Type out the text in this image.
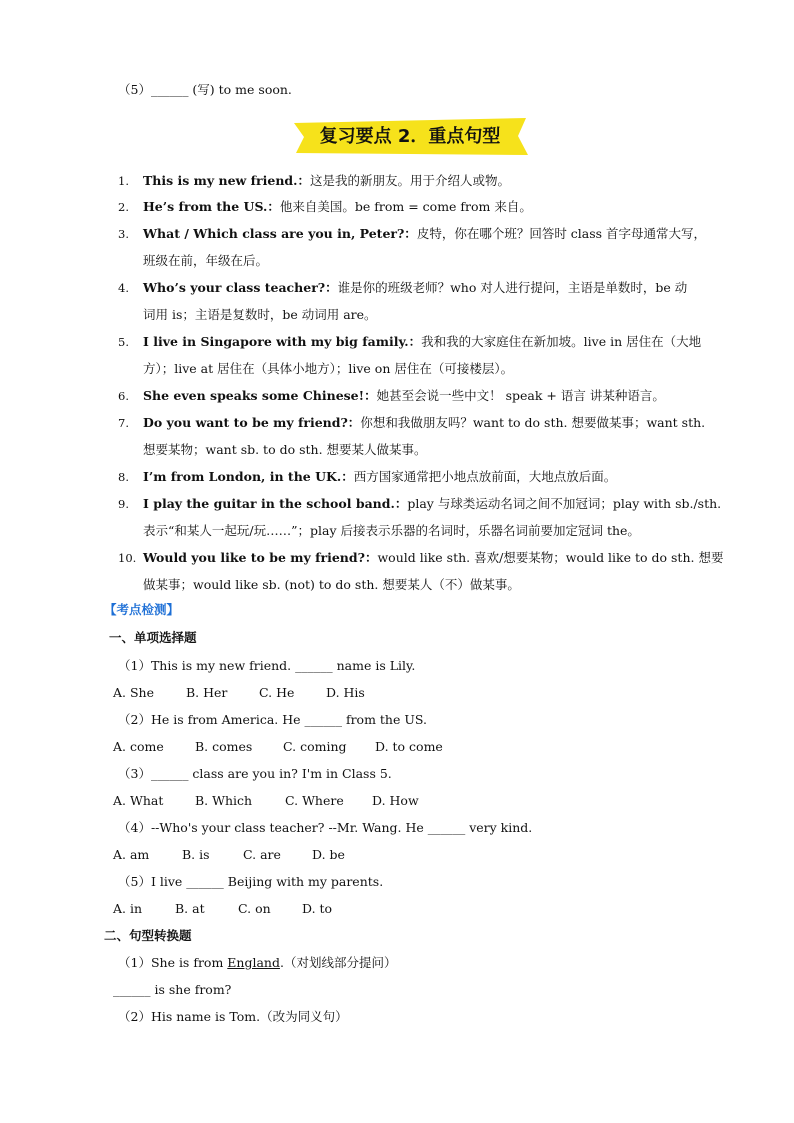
（5）______ (写) to me soon.
复习要点 2．重点句型
1. This is my new friend.：这是我的新朋友。用于介绍人或物。
2. He’s from the US.：他来自美国。be from = come from 来自。
3. What / Which class are you in, Peter?：皮特，你在哪个班？回答时 class 首字母通常大写，
班级在前，年级在后。
4. Who’s your class teacher?：谁是你的班级老师？who 对人进行提问，主语是单数时，be 动
词用 is；主语是复数时，be 动词用 are。
5. I live in Singapore with my big family.：我和我的大家庭住在新加坡。live in 居住在（大地
方）；live at 居住在（具体小地方）；live on 居住在（可接楼层）。
6. She even speaks some Chinese!：她甚至会说一些中文！ speak + 语言 讲某种语言。
7. Do you want to be my friend?：你想和我做朋友吗？want to do sth. 想要做某事；want sth.
想要某物；want sb. to do sth. 想要某人做某事。
8. I’m from London, in the UK.：西方国家通常把小地点放前面，大地点放后面。
9. I play the guitar in the school band.：play 与球类运动名词之间不加冠词；play with sb./sth.
表示“和某人一起玩/玩……”；play 后接表示乐器的名词时，乐器名词前要加定冠词 the。
10. Would you like to be my friend?：would like sth. 喜欢/想要某物；would like to do sth. 想要
做某事；would like sb. (not) to do sth. 想要某人（不）做某事。
【考点检测】
一、单项选择题
（1）This is my new friend. ______ name is Lily.
A. She	B. Her	C. He	D. His
（2）He is from America. He ______ from the US.
A. come B. comes C. coming D. to come
（3）______ class are you in? I'm in Class 5.
A. What	B. Which	C. Where D. How
（4）--Who's your class teacher? --Mr. Wang. He ______ very kind.
A. am	B. is	C. are D. be
（5）I live ______ Beijing with my parents.
A. in	B. at	C. on	D. to
二、句型转换题
（1）She is from England.（对划线部分提问）
______ is she from?
（2）His name is Tom.（改为同义句）
